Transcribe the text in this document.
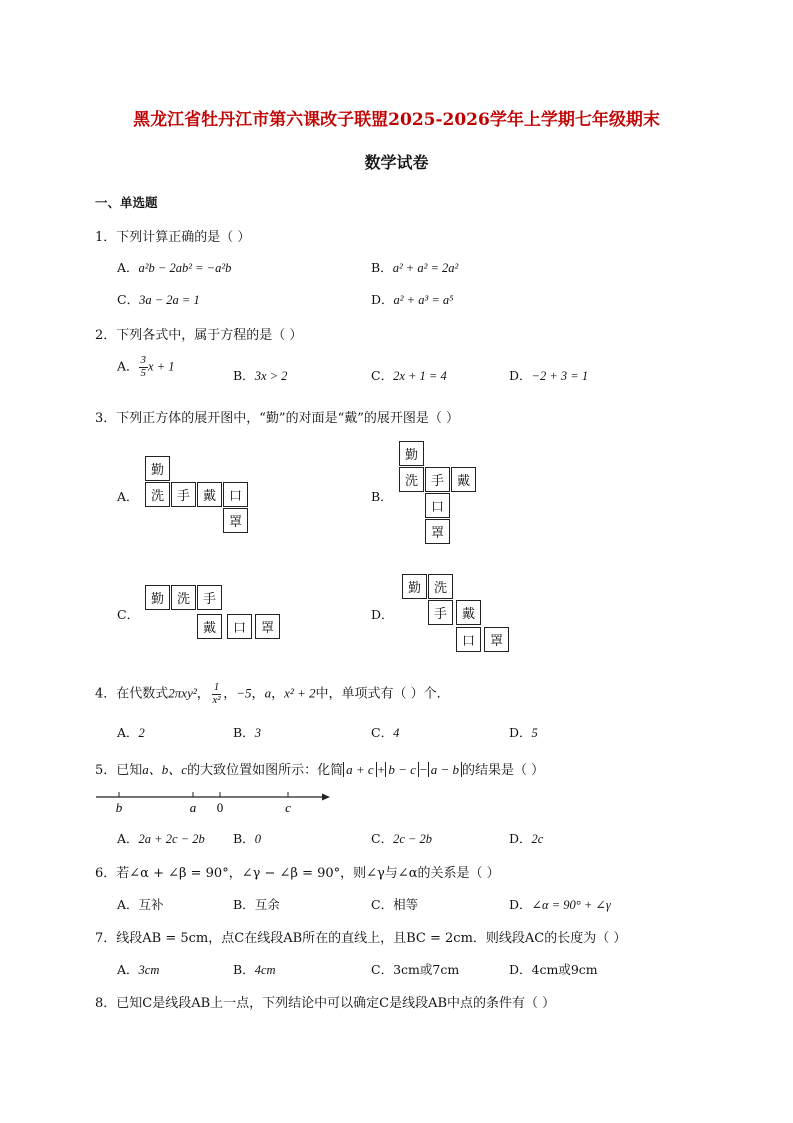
黑龙江省牡丹江市第六课改子联盟2025-2026学年上学期七年级期末
数学试卷
一、单选题
1．下列计算正确的是（ ）
A．a²b − 2ab² = −a²b	B．a² + a² = 2a²
C．3a − 2a = 1	D．a² + a³ = a⁵
2．下列各式中，属于方程的是（ ）
A． $\frac{3}{5}$ x + 1
B．3x > 2	C．2x + 1 = 4	D．−2 + 3 = 1
3．下列正方体的展开图中，“勤”的对面是“戴”的展开图是（ ）
A．
勤
洗 手 戴 口
罩
B．
勤
洗 手 戴
口
罩
C．
勤 洗 手
戴	口	罩
D．
勤 洗
手	戴
口	罩
4．在代数式2πxy²， $\frac{1}{\text{x²}}$ ，−5，a，x² + 2中，单项式有（ ）个．
A．2	B．3	C．4	D．5
5．已知a、b、c的大致位置如图所示：化简 a + c + b − c − a − b 的结果是（ ）
b	a 0	c
A．2a + 2c − 2b B．0	C．2c − 2b	D．2c
6．若∠α + ∠β = 90°，∠γ − ∠β = 90°，则∠γ与∠α的关系是（ ）
A．互补	B．互余	C．相等	D．∠α = 90° + ∠γ
7．线段AB = 5cm，点C在线段AB所在的直线上，且BC = 2cm．则线段AC的长度为（ ）
A．3cm	B．4cm	C．3cm或7cm	D．4cm或9cm
8．已知C是线段AB上一点，下列结论中可以确定C是线段AB中点的条件有（ ）
